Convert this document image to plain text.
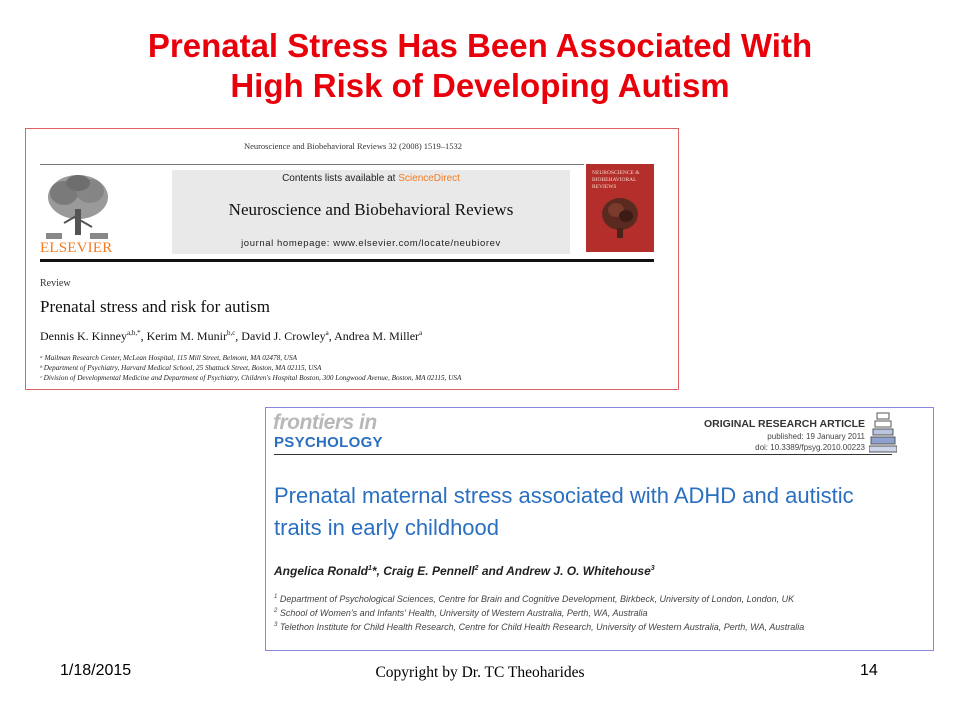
Prenatal Stress Has Been Associated With
High Risk of Developing Autism
Neuroscience and Biobehavioral Reviews 32 (2008) 1519–1532
ELSEVIER
Contents lists available at ScienceDirect
Neuroscience and Biobehavioral Reviews
journal homepage: www.elsevier.com/locate/neubiorev
NEUROSCIENCE & BIOBEHAVIORAL REVIEWS
Review
Prenatal stress and risk for autism
Dennis K. Kinney$^{a,b,*}$, Kerim M. Munir$^{b,c}$, David J. Crowley$^a$, Andrea M. Miller$^a$
ᵃ Mailman Research Center, McLean Hospital, 115 Mill Street, Belmont, MA 02478, USA
ᵇ Department of Psychiatry, Harvard Medical School, 25 Shattuck Street, Boston, MA 02115, USA
ᶜ Division of Developmental Medicine and Department of Psychiatry, Children's Hospital Boston, 300 Longwood Avenue, Boston, MA 02115, USA
frontiers in
PSYCHOLOGY
ORIGINAL RESEARCH ARTICLE
published: 19 January 2011
doi: 10.3389/fpsyg.2010.00223
Prenatal maternal stress associated with ADHD and autistic traits in early childhood
Angelica Ronald$^1$*, Craig E. Pennell$^2$ and Andrew J. O. Whitehouse$^3$
$^1$ Department of Psychological Sciences, Centre for Brain and Cognitive Development, Birkbeck, University of London, London, UK
$^2$ School of Women's and Infants' Health, University of Western Australia, Perth, WA, Australia
$^3$ Telethon Institute for Child Health Research, Centre for Child Health Research, University of Western Australia, Perth, WA, Australia
1/18/2015	Copyright by Dr. TC Theoharides	14
